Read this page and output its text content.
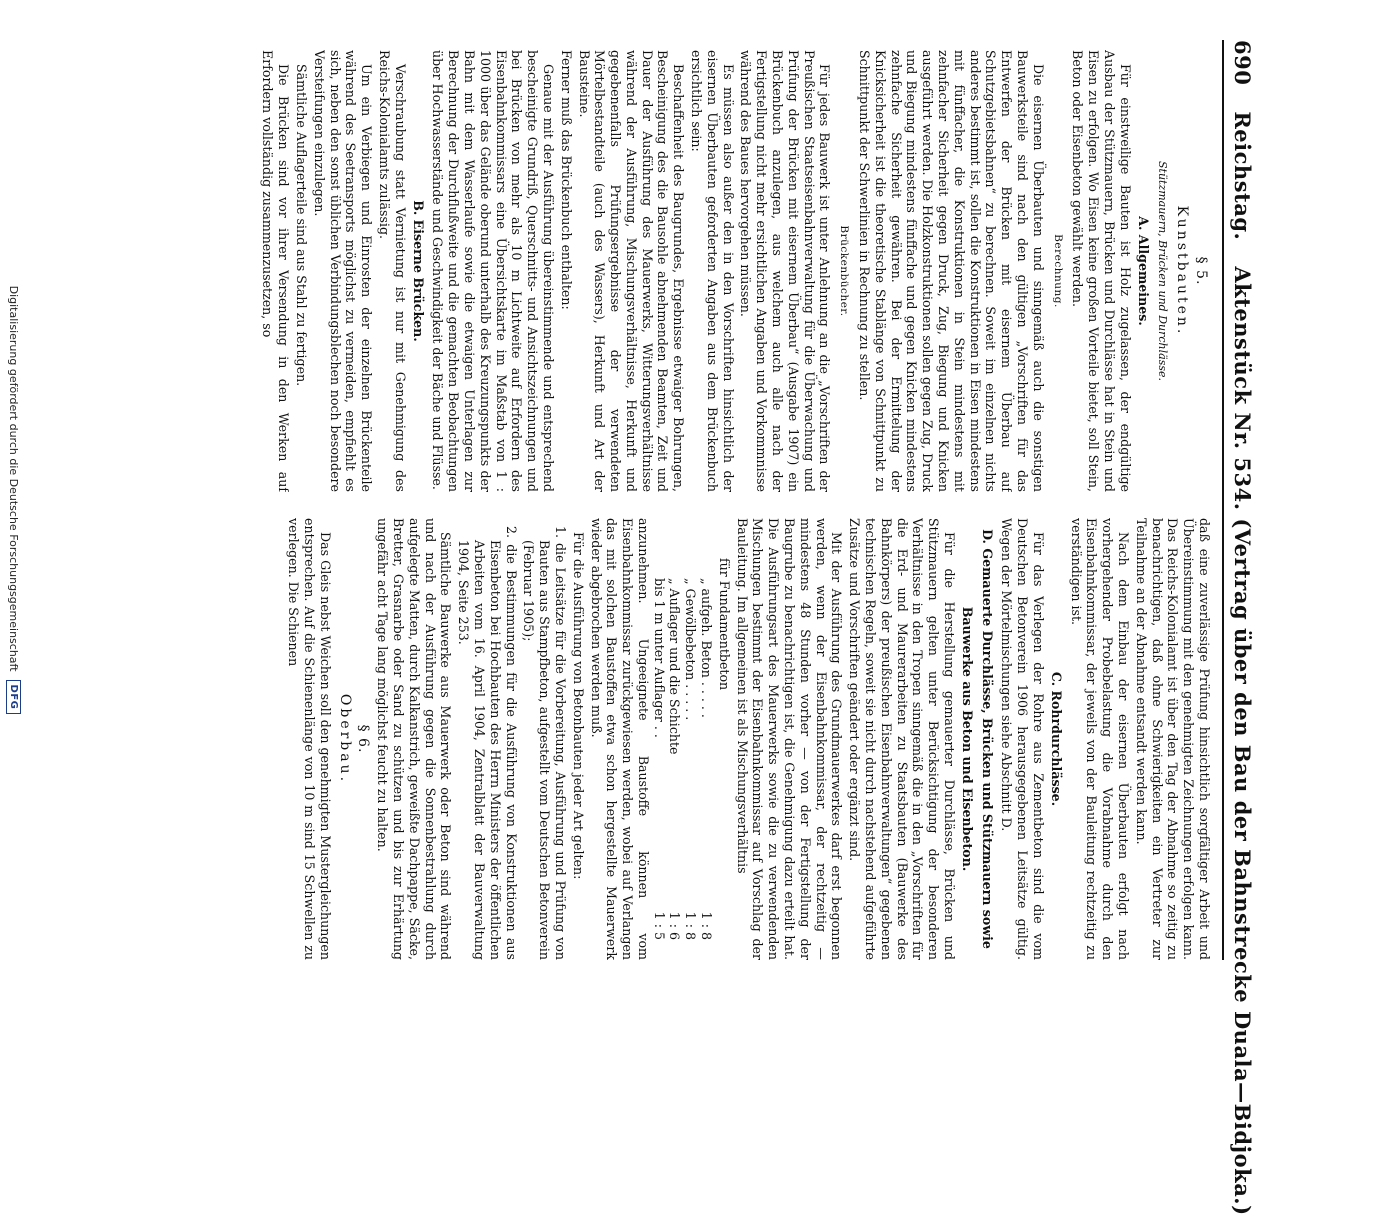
690
Reichstag.
Aktenstück Nr. 534. (Vertrag über den Bau der Bahnstrecke Duala—Bidjoka.)

§ 5.

Kunstbauten.

Stützmauern, Brücken und Durchlässe.

A. Allgemeines.

Für einstweilige Bauten ist Holz zugelassen, der endgültige Ausbau der Stützmauern, Brücken und Durchlässe hat in Stein und Eisen zu erfolgen. Wo Eisen keine großen Vorteile bietet, soll Stein, Beton oder Eisenbeton gewählt werden.

Berechnung.

Die eisernen Überbauten und sinngemäß auch die sonstigen Bauwerksteile sind nach den gültigen „Vorschriften für das Entwerfen der Brücken mit eisernem Überbau auf Schutzgebietsbahnen“ zu berechnen. Soweit im einzelnen nichts anderes bestimmt ist, sollen die Konstruktionen in Eisen mindestens mit fünffacher, die Konstruktionen in Stein mindestens mit zehnfacher Sicherheit gegen Druck, Zug, Biegung und Knicken ausgeführt werden. Die Holzkonstruktionen sollen gegen Zug, Druck und Biegung mindestens fünffache und gegen Knicken mindestens zehnfache Sicherheit gewähren. Bei der Ermittelung der Knicksicherheit ist die theoretische Stablänge von Schnittpunkt zu Schnittpunkt der Schwerlinien in Rechnung zu stellen.

Brückenbücher.

Für jedes Bauwerk ist unter Anlehnung an die „Vorschriften der Preußischen Staatseisenbahnverwaltung für die Überwachung und Prüfung der Brücken mit eisernem Überbau“ (Ausgabe 1907) ein Brückenbuch anzulegen, aus welchem auch alle nach der Fertigstellung nicht mehr ersichtlichen Angaben und Vorkommnisse während des Baues hervorgehen müssen.

Es müssen also außer den in den Vorschriften hinsichtlich der eisernen Überbauten geforderten Angaben aus dem Brückenbuch ersichtlich sein:

Beschaffenheit des Baugrundes, Ergebnisse etwaiger Bohrungen, Bescheinigung des die Bausohle abnehmenden Beamten, Zeit und Dauer der Ausführung des Mauerwerks, Witterungsverhältnisse während der Ausführung, Mischungsverhältnisse, Herkunft und gegebenenfalls Prüfungsergebnisse der verwendeten Mörtelbestandteile (auch des Wassers), Herkunft und Art der Bausteine.

Ferner muß das Brückenbuch enthalten:

Genaue mit der Ausführung übereinstimmende und entsprechend bescheinigte Grundriß, Querschnitts- und Ansichtszeichnungen und bei Brücken von mehr als 10 m Lichtweite auf Erfordern des Eisenbahnkommissars eine Übersichtskarte im Maßstab von 1 : 1000 über das Gelände oberund unterhalb des Kreuzungspunkts der Bahn mit dem Wasserlaufe sowie die etwaigen Unterlagen zur Berechnung der Durchflußweite und die gemachten Beobachtungen über Hochwasserstände und Geschwindigkeit der Bäche und Flüsse.

B. Eiserne Brücken.

Verschraubung statt Vernietung ist nur mit Genehmigung des Reichs-Kolonialamts zulässig.

Um ein Verbiegen und Einrosten der einzelnen Brückenteile während des Seetransports möglichst zu vermeiden, empfiehlt es sich, neben den sonst üblichen Verbindungsblechen noch besondere Versteifungen einzulegen.

Sämtliche Auflagerteile sind aus Stahl zu fertigen.

Die Brücken sind vor ihrer Versendung in den Werken auf Erfordern vollständig zusammenzusetzen, so

daß eine zuverlässige Prüfung hinsichtlich sorgfältiger Arbeit und Übereinstimmung mit den genehmigten Zeichnungen erfolgen kann. Das Reichs-Kolonialamt ist über den Tag der Abnahme so zeitig zu benachrichtigen, daß ohne Schwierigkeiten ein Vertreter zur Teilnahme an der Abnahme entsandt werden kann.

Nach dem Einbau der eisernen Überbauten erfolgt nach vorhergehender Probebelastung die Vorabnahme durch den Eisenbahnkommissar, der jeweils von der Bauleitung rechtzeitig zu verständigen ist.

C. Rohrdurchlässe.

Für das Verlegen der Rohre aus Zementbeton sind die vom Deutschen Betonverein 1906 herausgegebenen Leitsätze gültig. Wegen der Mörtelmischungen siehe Abschnitt D.

D. Gemauerte Durchlässe, Brücken und Stützmauern sowie

Bauwerke aus Beton und Eisenbeton.

Für die Herstellung gemauerter Durchlässe, Brücken und Stützmauern gelten unter Berücksichtigung der besonderen Verhältnisse in den Tropen sinngemäß die in den „Vorschriften für die Erd- und Maurerarbeiten zu Staatsbauten (Bauwerke des Bahnkörpers) der preußischen Eisenbahnverwaltungen“ gegebenen technischen Regeln, soweit sie nicht durch nachstehend aufgeführte Zusätze und Vorschriften geändert oder ergänzt sind.

Mit der Ausführung des Grundmauerwerkes darf erst begonnen werden, wenn der Eisenbahnkommissar, der rechtzeitig — mindestens 48 Stunden vorher — von der Fertigstellung der Baugrube zu benachrichtigen ist, die Genehmigung dazu erteilt hat. Die Ausführungsart des Mauerwerks sowie die zu verwendenden Mischungen bestimmt der Eisenbahnkommissar auf Vorschlag der Bauleitung. Im allgemeinen ist als Mischungsverhältnis

für Fundamentbeton

„ aufgeh. Beton . . . . .
1 : 8

„ Gewölbebeton . . . . .
1 : 8

„ Auflager und die Schichte
1 : 6

bis 1 m unter Auflager . .
1 : 5

anzunehmen. Ungeeignete Baustoffe können vom Eisenbahnkommissar zurückgewiesen werden, wobei auf Verlangen das mit solchen Baustoffen etwa schon hergestellte Mauerwerk wieder abgebrochen werden muß.

Für die Ausführung von Betonbauten jeder Art gelten:

1. die Leitsätze für die Vorbereitung, Ausführung und Prüfung von Bauten aus Stampfbeton, aufgestellt vom Deutschen Betonverein (Februar 1905);

2. die Bestimmungen für die Ausführung von Konstruktionen aus Eisenbeton bei Hochbauten des Herrn Ministers der öffentlichen Arbeiten vom 16. April 1904, Zentralblatt der Bauverwaltung 1904, Seite 253.

Sämtliche Bauwerke aus Mauerwerk oder Beton sind während und nach der Ausführung gegen die Sonnenbestrahlung durch aufgelegte Matten, durch Kalkanstrich, geweißte Dachpappe, Säcke, Bretter, Grasnarbe oder Sand zu schützen und bis zur Erhärtung ungefähr acht Tage lang möglichst feucht zu halten.

§ 6.

Oberbau.

Das Gleis nebst Weichen soll den genehmigten Mustergleichungen entsprechen. Auf die Schienenlänge von 10 m sind 15 Schwellen zu verlegen. Die Schienen

Digitalisierung gefördert durch die Deutsche Forschungsgemeinschaft
DFG
